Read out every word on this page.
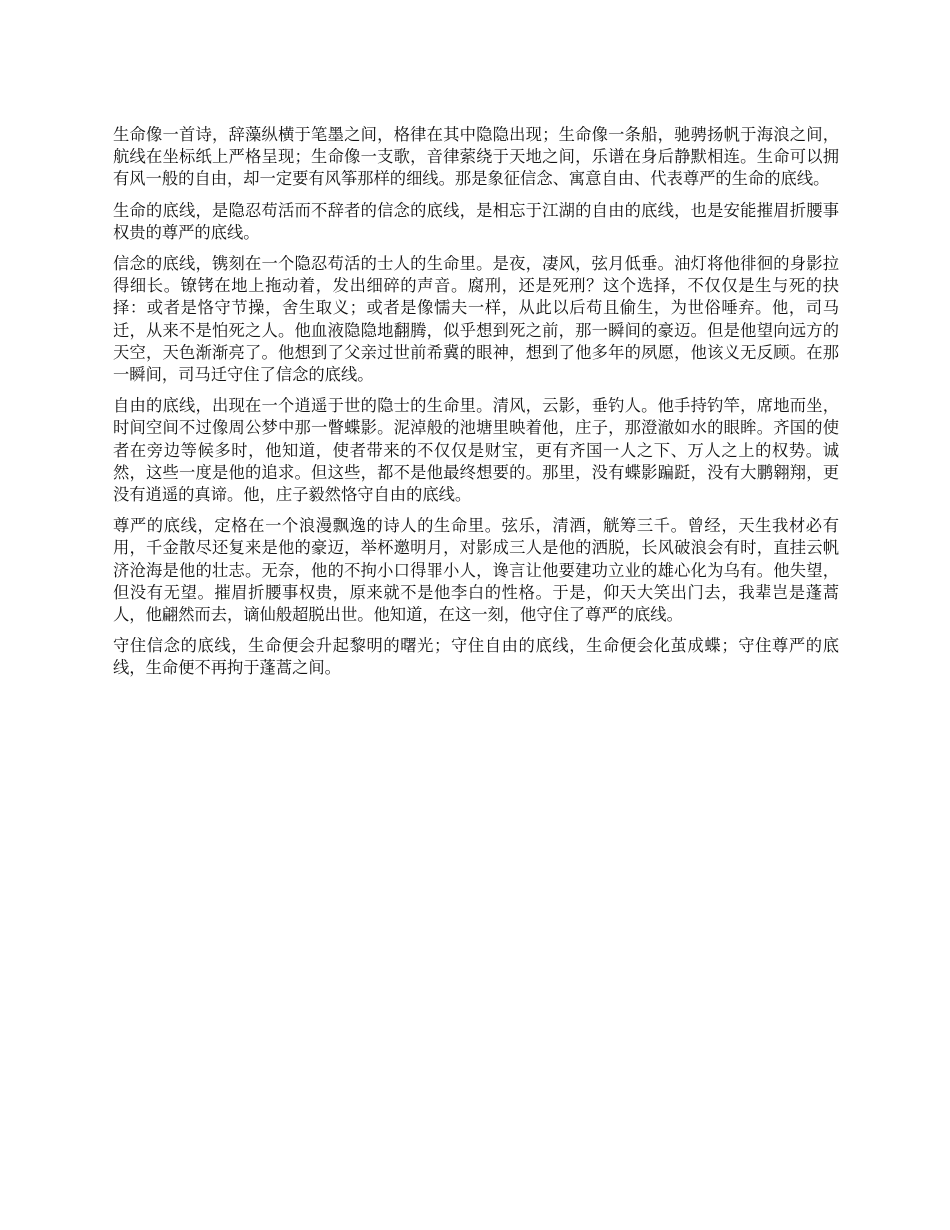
生命像一首诗，辞藻纵横于笔墨之间，格律在其中隐隐出现；生命像一条船，驰骋扬帆于海浪之间，航线在坐标纸上严格呈现；生命像一支歌，音律萦绕于天地之间，乐谱在身后静默相连。生命可以拥有风一般的自由，却一定要有风筝那样的细线。那是象征信念、寓意自由、代表尊严的生命的底线。

生命的底线，是隐忍苟活而不辞者的信念的底线，是相忘于江湖的自由的底线，也是安能摧眉折腰事权贵的尊严的底线。

信念的底线，镌刻在一个隐忍苟活的士人的生命里。是夜，凄风，弦月低垂。油灯将他徘徊的身影拉得细长。镣铐在地上拖动着，发出细碎的声音。腐刑，还是死刑？这个选择，不仅仅是生与死的抉择：或者是恪守节操，舍生取义；或者是像懦夫一样，从此以后苟且偷生，为世俗唾弃。他，司马迁，从来不是怕死之人。他血液隐隐地翻腾，似乎想到死之前，那一瞬间的豪迈。但是他望向远方的天空，天色渐渐亮了。他想到了父亲过世前希冀的眼神，想到了他多年的夙愿，他该义无反顾。在那一瞬间，司马迁守住了信念的底线。

自由的底线，出现在一个逍遥于世的隐士的生命里。清风，云影，垂钓人。他手持钓竿，席地而坐，时间空间不过像周公梦中那一瞥蝶影。泥淖般的池塘里映着他，庄子，那澄澈如水的眼眸。齐国的使者在旁边等候多时，他知道，使者带来的不仅仅是财宝，更有齐国一人之下、万人之上的权势。诚然，这些一度是他的追求。但这些，都不是他最终想要的。那里，没有蝶影蹁跹，没有大鹏翱翔，更没有逍遥的真谛。他，庄子毅然恪守自由的底线。

尊严的底线，定格在一个浪漫飘逸的诗人的生命里。弦乐，清酒，觥筹三千。曾经，天生我材必有用，千金散尽还复来是他的豪迈，举杯邀明月，对影成三人是他的洒脱，长风破浪会有时，直挂云帆济沧海是他的壮志。无奈，他的不拘小口得罪小人，谗言让他要建功立业的雄心化为乌有。他失望，但没有无望。摧眉折腰事权贵，原来就不是他李白的性格。于是，仰天大笑出门去，我辈岂是蓬蒿人，他翩然而去，谪仙般超脱出世。他知道，在这一刻，他守住了尊严的底线。

守住信念的底线，生命便会升起黎明的曙光；守住自由的底线，生命便会化茧成蝶；守住尊严的底线，生命便不再拘于蓬蒿之间。
